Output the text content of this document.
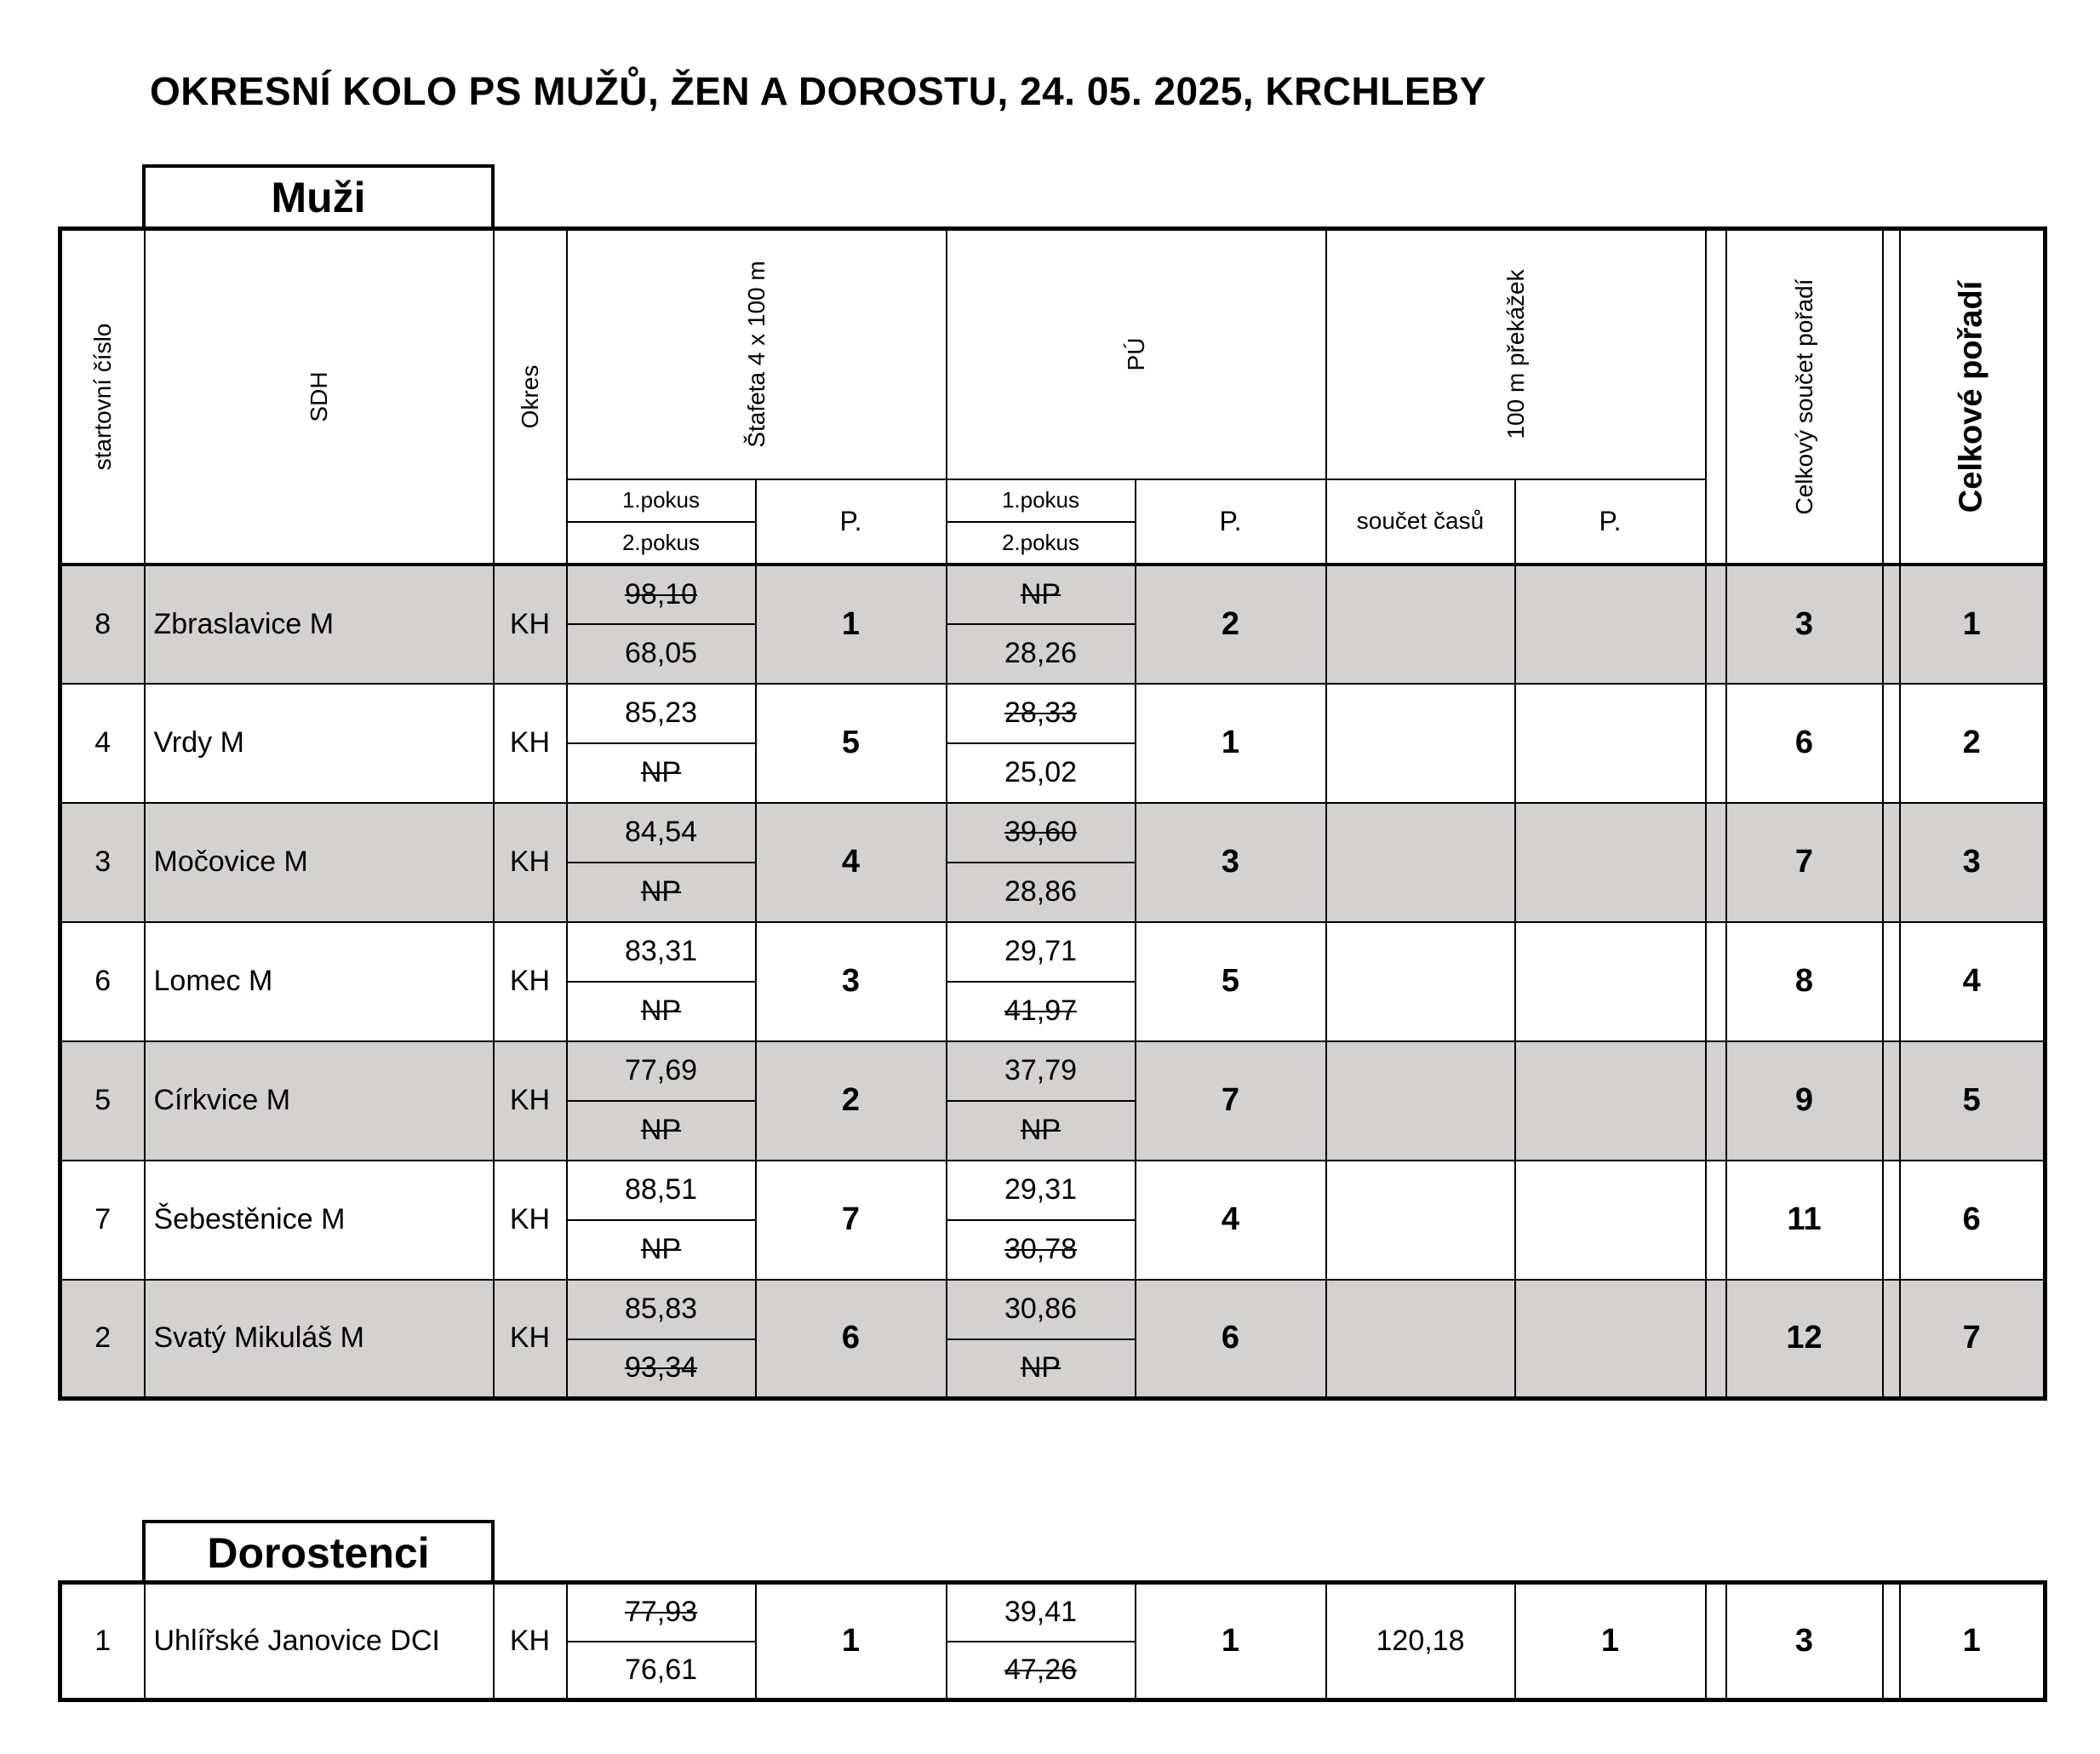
OKRESNÍ KOLO PS MUŽŮ, ŽEN A DOROSTU, 24. 05. 2025, KRCHLEBY
Muži
startovní číslo	SDH	Okres	Štafeta 4 x 100 m		PÚ		100 m překážek			Celkový součet pořadí		Celkové pořadí

			1.pokus	P.	1.pokus	P.	součet časů	P.				
			2.pokus		2.pokus							
8	Zbraslavice M	KH	98,10	1	NP	2				3		1
			68,05		28,26							
4	Vrdy M	KH	85,23	5	28,33	1				6		2
			NP		25,02							
3	Močovice M	KH	84,54	4	39,60	3				7		3
			NP		28,86							
6	Lomec M	KH	83,31	3	29,71	5				8		4
			NP		41,97							
5	Církvice M	KH	77,69	2	37,79	7				9		5
			NP		NP							
7	Šebestěnice M	KH	88,51	7	29,31	4				11		6
			NP		30,78							
2	Svatý Mikuláš M	KH	85,83	6	30,86	6				12		7
			93,34		NP							
Dorostenci
1	Uhlířské Janovice DCI	KH	77,93	1	39,41	1	120,18	1		3		1
			76,61		47,26							
